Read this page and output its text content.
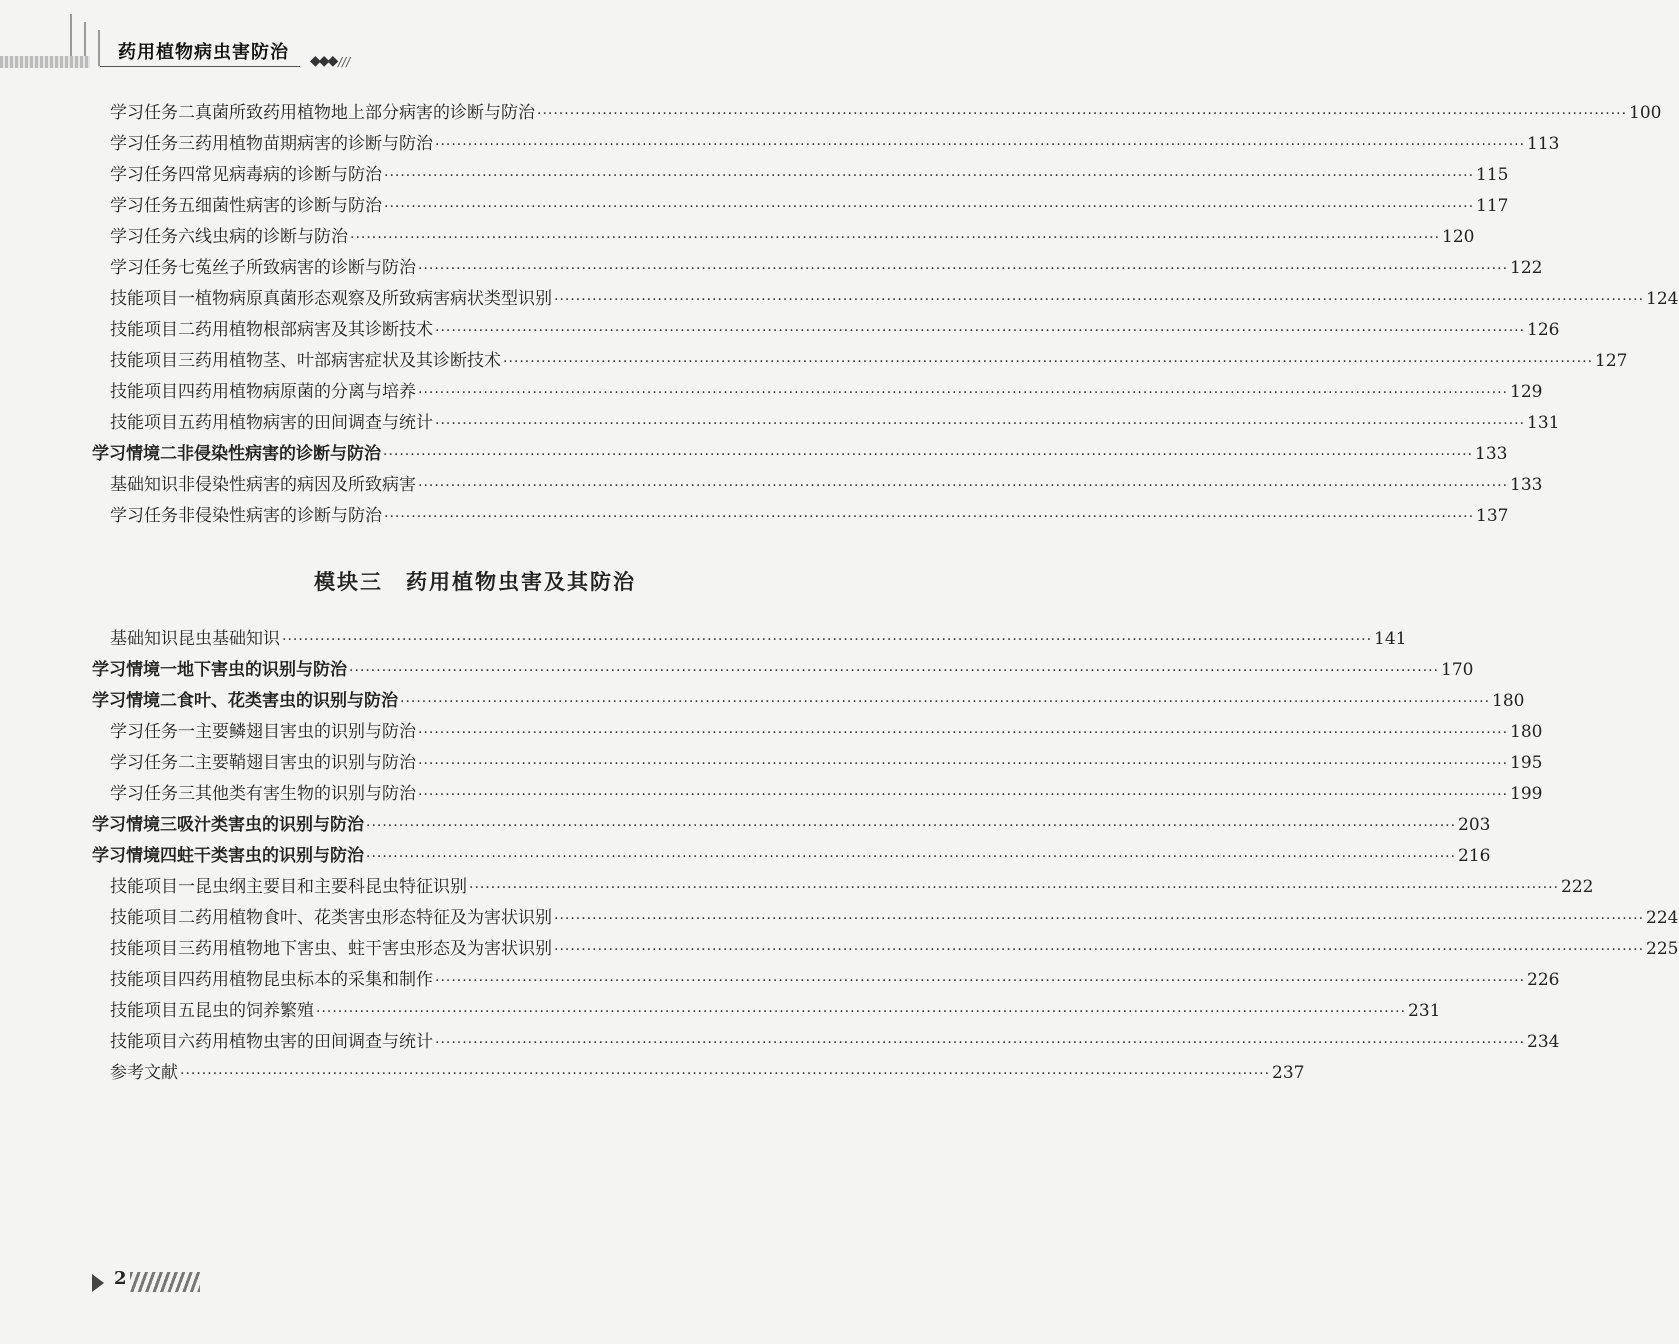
药用植物病虫害防治 ◆◆◆ ///
学习任务二 真菌所致药用植物地上部分病害的诊断与防治 ········································································································································································································ 100
学习任务三 药用植物苗期病害的诊断与防治 ········································································································································································································ 113
学习任务四 常见病毒病的诊断与防治 ········································································································································································································ 115
学习任务五 细菌性病害的诊断与防治 ········································································································································································································ 117
学习任务六 线虫病的诊断与防治 ········································································································································································································ 120
学习任务七 菟丝子所致病害的诊断与防治 ········································································································································································································ 122
技能项目一 植物病原真菌形态观察及所致病害病状类型识别 ········································································································································································································ 124
技能项目二 药用植物根部病害及其诊断技术 ········································································································································································································ 126
技能项目三 药用植物茎、叶部病害症状及其诊断技术 ········································································································································································································ 127
技能项目四 药用植物病原菌的分离与培养 ········································································································································································································ 129
技能项目五 药用植物病害的田间调查与统计 ········································································································································································································ 131
学习情境二 非侵染性病害的诊断与防治 ········································································································································································································ 133
基础知识 非侵染性病害的病因及所致病害 ········································································································································································································ 133
学习任务 非侵染性病害的诊断与防治 ········································································································································································································ 137
模块三　药用植物虫害及其防治
基础知识 昆虫基础知识 ········································································································································································································ 141
学习情境一 地下害虫的识别与防治 ········································································································································································································ 170
学习情境二 食叶、花类害虫的识别与防治 ········································································································································································································ 180
学习任务一 主要鳞翅目害虫的识别与防治 ········································································································································································································ 180
学习任务二 主要鞘翅目害虫的识别与防治 ········································································································································································································ 195
学习任务三 其他类有害生物的识别与防治 ········································································································································································································ 199
学习情境三 吸汁类害虫的识别与防治 ········································································································································································································ 203
学习情境四 蛀干类害虫的识别与防治 ········································································································································································································ 216
技能项目一 昆虫纲主要目和主要科昆虫特征识别 ········································································································································································································ 222
技能项目二 药用植物食叶、花类害虫形态特征及为害状识别 ········································································································································································································ 224
技能项目三 药用植物地下害虫、蛀干害虫形态及为害状识别 ········································································································································································································ 225
技能项目四 药用植物昆虫标本的采集和制作 ········································································································································································································ 226
技能项目五 昆虫的饲养繁殖 ········································································································································································································ 231
技能项目六 药用植物虫害的田间调查与统计 ········································································································································································································ 234
参考文献 ········································································································································································································ 237
2
